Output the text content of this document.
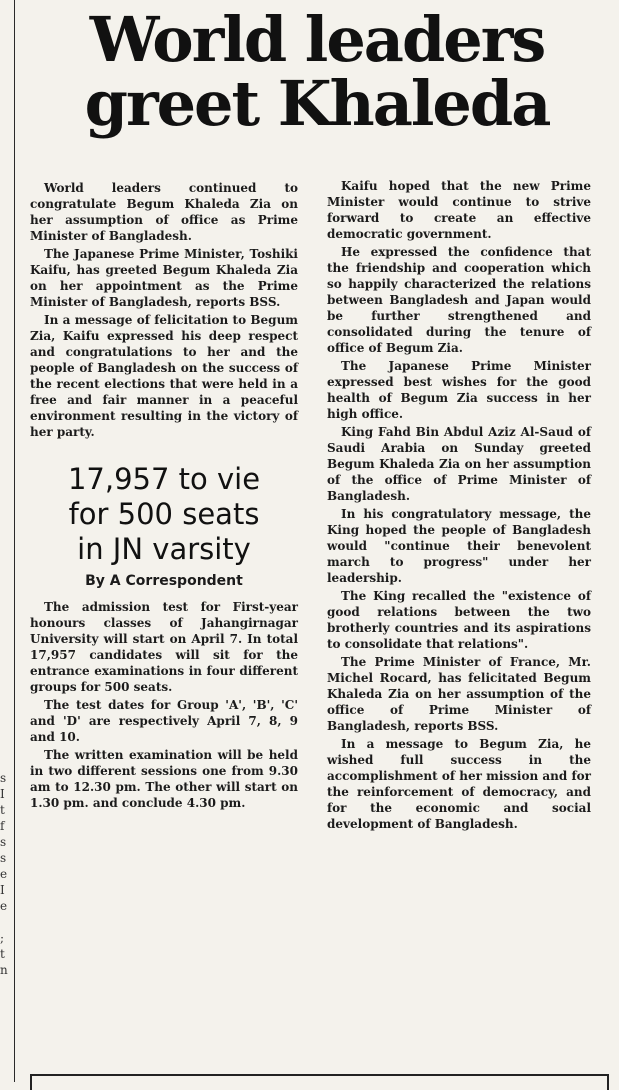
s
I
t
f
s
s
e
I
e
;
t
n
World leaders
greet Khaleda

World leaders continued to congratulate Begum Khaleda Zia on her assumption of office as Prime Minister of Bangladesh.

The Japanese Prime Minister, Toshiki Kaifu, has greeted Begum Khaleda Zia on her appointment as the Prime Minister of Bangladesh, reports BSS.

In a message of felicitation to Begum Zia, Kaifu expressed his deep respect and congratulations to her and the people of Bangladesh on the success of the recent elections that were held in a free and fair manner in a peaceful environment resulting in the victory of her party.

17,957 to vie
for 500 seats
in JN varsity
By A Correspondent

The admission test for First-year honours classes of Jahangirnagar University will start on April 7. In total 17,957 candidates will sit for the entrance examinations in four different groups for 500 seats.

The test dates for Group 'A', 'B', 'C' and 'D' are respectively April 7, 8, 9 and 10.

The written examination will be held in two different sessions one from 9.30 am to 12.30 pm. The other will start on 1.30 pm. and conclude 4.30 pm.

Kaifu hoped that the new Prime Minister would continue to strive forward to create an effective democratic government.

He expressed the confidence that the friendship and cooperation which so happily characterized the relations between Bangladesh and Japan would be further strengthened and consolidated during the tenure of office of Begum Zia.

The Japanese Prime Minister expressed best wishes for the good health of Begum Zia success in her high office.

King Fahd Bin Abdul Aziz Al-Saud of Saudi Arabia on Sunday greeted Begum Khaleda Zia on her assumption of the office of Prime Minister of Bangladesh.

In his congratulatory message, the King hoped the people of Bangladesh would "continue their benevolent march to progress" under her leadership.

The King recalled the "existence of good relations between the two brotherly countries and its aspirations to consolidate that relations".

The Prime Minister of France, Mr. Michel Rocard, has felicitated Begum Khaleda Zia on her assumption of the office of Prime Minister of Bangladesh, reports BSS.

In a message to Begum Zia, he wished full success in the accomplishment of her mission and for the reinforcement of democracy, and for the economic and social development of Bangladesh.
